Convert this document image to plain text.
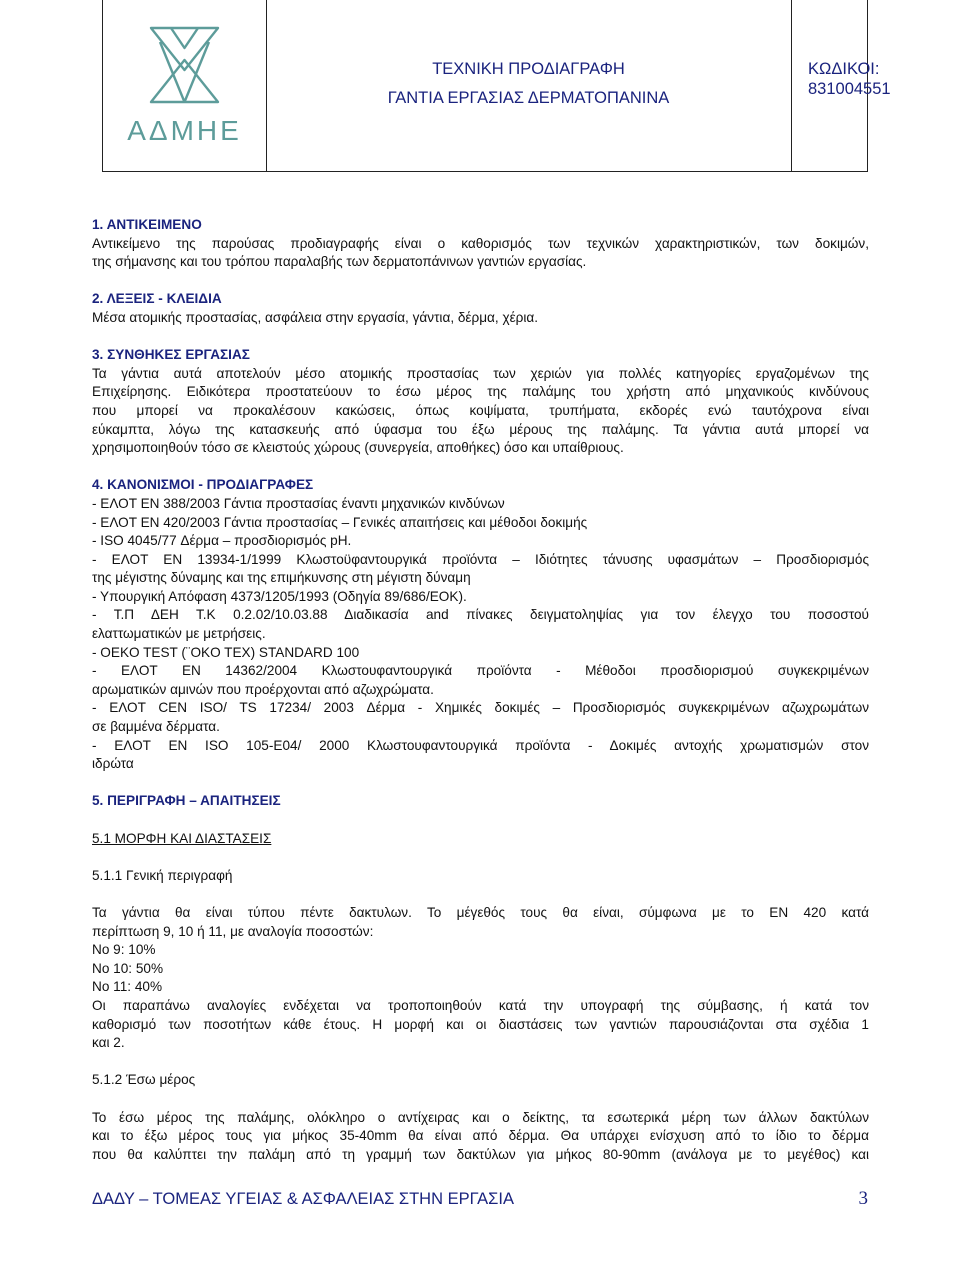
ΑΔΜΗΕ
ΤΕΧΝΙΚΗ ΠΡΟΔΙΑΓΡΑΦΗ
ΓΑΝΤΙΑ ΕΡΓΑΣΙΑΣ ΔΕΡΜΑΤΟΠΑΝΙΝΑ
ΚΩΔΙΚΟΙ:
831004551

1. ΑΝΤΙΚΕΙΜΕΝΟ

Αντικείμενο της παρούσας προδιαγραφής είναι ο καθορισμός των τεχνικών χαρακτηριστικών, των δοκιμών,

της σήμανσης και του τρόπου παραλαβής των δερματοπάνινων γαντιών εργασίας.

2. ΛΕΞΕΙΣ - ΚΛΕΙΔΙΑ

Μέσα ατομικής προστασίας, ασφάλεια στην εργασία, γάντια, δέρμα, χέρια.

3. ΣΥΝΘΗΚΕΣ ΕΡΓΑΣΙΑΣ

Τα γάντια αυτά αποτελούν μέσο ατομικής προστασίας των χεριών για πολλές κατηγορίες εργαζομένων της

Επιχείρησης. Ειδικότερα προστατεύουν το έσω μέρος της παλάμης του χρήστη από μηχανικούς κινδύνους

που μπορεί να προκαλέσουν κακώσεις, όπως κοψίματα, τρυπήματα, εκδορές ενώ ταυτόχρονα είναι

εύκαμπτα, λόγω της κατασκευής από ύφασμα του έξω μέρους της παλάμης. Τα γάντια αυτά μπορεί να

χρησιμοποιηθούν τόσο σε κλειστούς χώρους (συνεργεία, αποθήκες) όσο και υπαίθριους.

4. ΚΑΝΟΝΙΣΜΟΙ - ΠΡΟΔΙΑΓΡΑΦΕΣ

- ΕΛΟΤ ΕΝ 388/2003 Γάντια προστασίας έναντι μηχανικών κινδύνων

- ΕΛΟΤ ΕΝ 420/2003 Γάντια προστασίας – Γενικές απαιτήσεις και μέθοδοι δοκιμής

- ISO 4045/77 Δέρμα – προσδιορισμός pH.

- ΕΛΟΤ ΕΝ 13934-1/1999 Κλωστοϋφαντουργικά προϊόντα – Ιδιότητες τάνυσης υφασμάτων – Προσδιορισμός

της μέγιστης δύναμης και της επιμήκυνσης στη μέγιστη δύναμη

- Υπουργική Απόφαση 4373/1205/1993 (Οδηγία 89/686/ΕΟΚ).

- Τ.Π ΔΕΗ Τ.Κ 0.2.02/10.03.88 Διαδικασία and πίνακες δειγματοληψίας για τον έλεγχο του ποσοστού

ελαττωματικών με μετρήσεις.

- OEKO TEST (¨OKO TEX) STANDARD 100

- ΕΛΟΤ ΕΝ 14362/2004 Κλωστουφαντουργικά προϊόντα - Μέθοδοι προσδιορισμού συγκεκριμένων

αρωματικών αμινών που προέρχονται από αζωχρώματα.

- ΕΛΟΤ CEN ISO/ TS 17234/ 2003 Δέρμα - Χημικές δοκιμές – Προσδιορισμός συγκεκριμένων αζωχρωμάτων

σε βαμμένα δέρματα.

- ΕΛΟΤ ΕΝ ISO 105-E04/ 2000 Κλωστουφαντουργικά προϊόντα - Δοκιμές αντοχής χρωματισμών στον

ιδρώτα

5. ΠΕΡΙΓΡΑΦΗ – ΑΠΑΙΤΗΣΕΙΣ

5.1 ΜΟΡΦΗ ΚΑΙ ΔΙΑΣΤΑΣΕΙΣ

5.1.1 Γενική περιγραφή

Τα γάντια θα είναι τύπου πέντε δακτυλων. Το μέγεθός τους θα είναι, σύμφωνα με το ΕΝ 420 κατά

περίπτωση 9, 10 ή 11, με αναλογία ποσοστών:

Νο 9: 10%

Νο 10: 50%

Νο 11: 40%

Οι παραπάνω αναλογίες ενδέχεται να τροποποιηθούν κατά την υπογραφή της σύμβασης, ή κατά τον

καθορισμό των ποσοτήτων κάθε έτους. Η μορφή και οι διαστάσεις των γαντιών παρουσιάζονται στα σχέδια 1

και 2.

5.1.2 Έσω μέρος

Το έσω μέρος της παλάμης, ολόκληρο ο αντίχειρας και ο δείκτης, τα εσωτερικά μέρη των άλλων δακτύλων

και το έξω μέρος τους για μήκος 35-40mm θα είναι από δέρμα. Θα υπάρχει ενίσχυση από το ίδιο το δέρμα

που θα καλύπτει την παλάμη από τη γραμμή των δακτύλων για μήκος 80-90mm (ανάλογα με το μεγέθος) και

ΔΑΔΥ – ΤΟΜΕΑΣ ΥΓΕΙΑΣ & ΑΣΦΑΛΕΙΑΣ ΣΤΗΝ ΕΡΓΑΣΙΑ	3
